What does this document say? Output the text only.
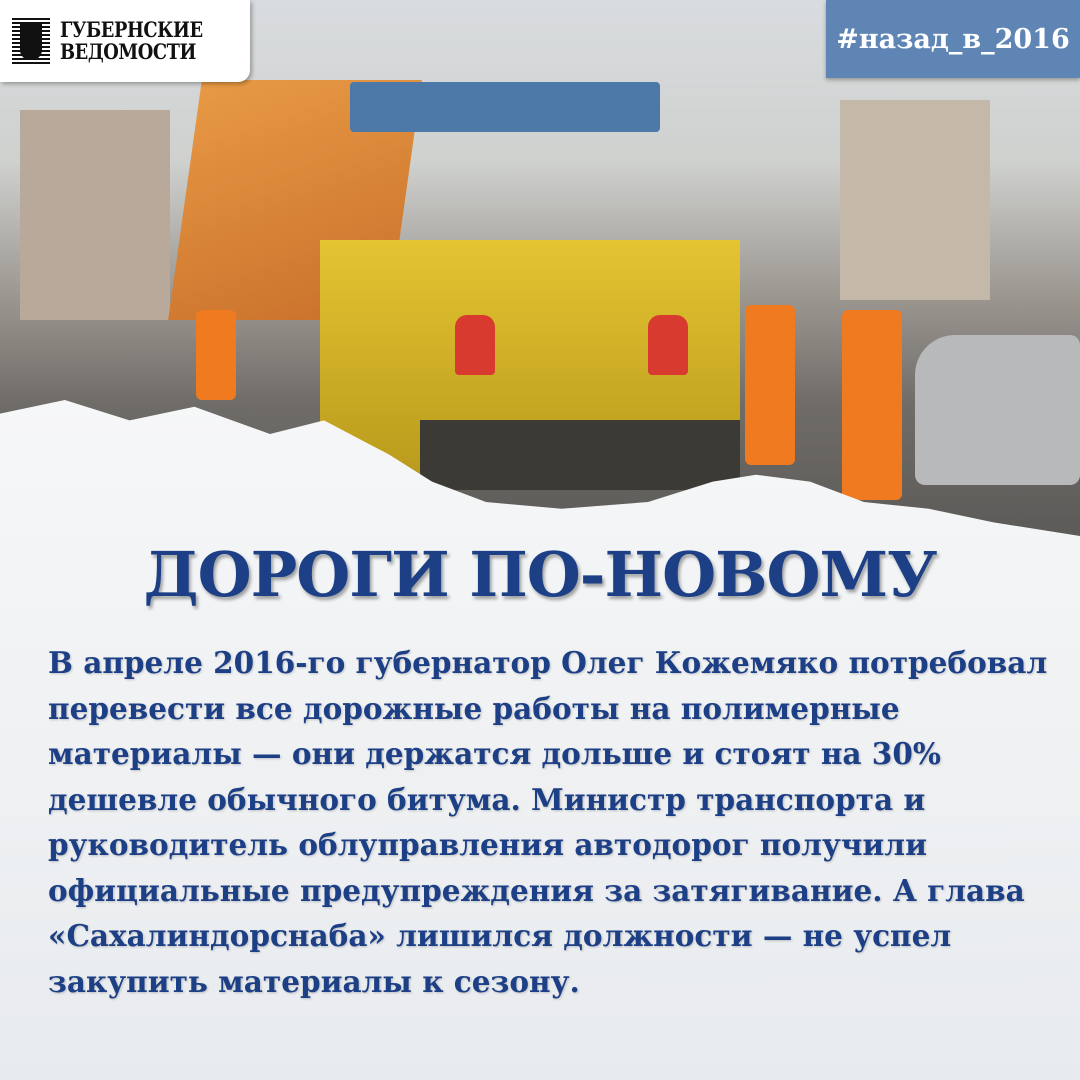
ГУБЕРНСКИЕ
ВЕДОМОСТИ	#назад_в_2016
ДОРОГИ ПО-НОВОМУ
В апреле 2016-го губернатор Олег Кожемяко потребовал
перевести все дорожные работы на полимерные
материалы — они держатся дольше и стоят на 30%
дешевле обычного битума. Министр транспорта и
руководитель облуправления автодорог получили
официальные предупреждения за затягивание. А глава
«Сахалиндорснаба» лишился должности — не успел
закупить материалы к сезону.
